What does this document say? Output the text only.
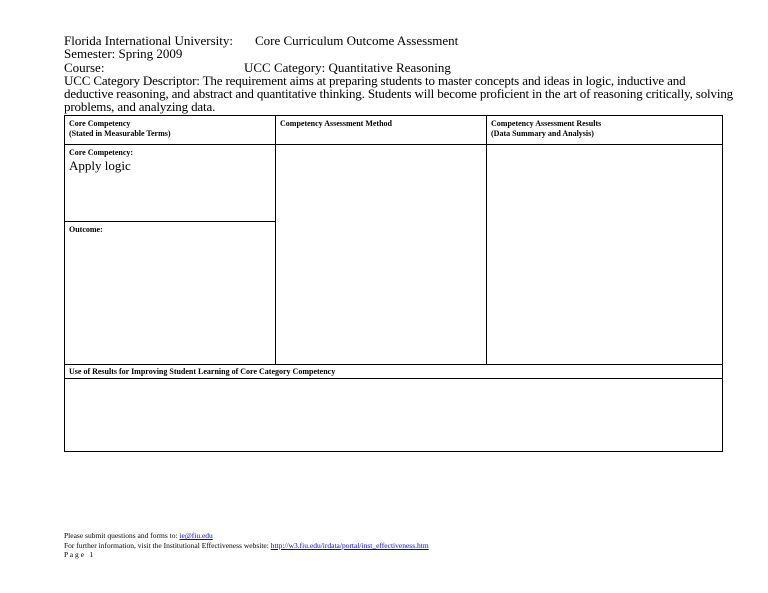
Florida International University: Core Curriculum Outcome Assessment
Semester: Spring 2009
Course:	UCC Category: Quantitative Reasoning
UCC Category Descriptor: The requirement aims at preparing students to master concepts and ideas in logic, inductive and deductive reasoning, and abstract and quantitative thinking. Students will become proficient in the art of reasoning critically, solving problems, and analyzing data.
Core Competency
(Stated in Measurable Terms)
Competency Assessment Method	Competency Assessment Results
(Data Summary and Analysis)
Core Competency:
Apply logic
Outcome:
Use of Results for Improving Student Learning of Core Category Competency
Please submit questions and forms to: ie@fiu.edu
For further information, visit the Institutional Effectiveness website: http://w3.fiu.edu/irdata/portal/inst_effectiveness.htm
P a g e   1
